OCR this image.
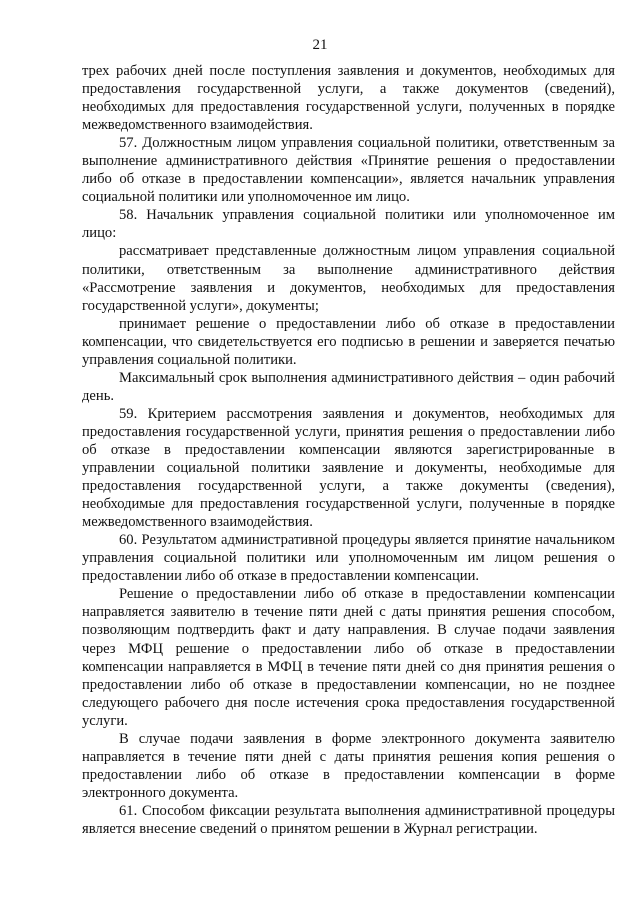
21

трех рабочих дней после поступления заявления и документов, необходимых для предоставления государственной услуги, а также документов (сведений), необходимых для предоставления государственной услуги, полученных в порядке межведомственного взаимодействия.

57. Должностным лицом управления социальной политики, ответственным за выполнение административного действия «Принятие решения о предоставлении либо об отказе в предоставлении компенсации», является начальник управления социальной политики или уполномоченное им лицо.

58. Начальник управления социальной политики или уполномоченное им лицо:

рассматривает представленные должностным лицом управления социальной политики, ответственным за выполнение административного действия «Рассмотрение заявления и документов, необходимых для предоставления государственной услуги», документы;

принимает решение о предоставлении либо об отказе в предоставлении компенсации, что свидетельствуется его подписью в решении и заверяется печатью управления социальной политики.

Максимальный срок выполнения административного действия – один рабочий день.

59. Критерием рассмотрения заявления и документов, необходимых для предоставления государственной услуги, принятия решения о предоставлении либо об отказе в предоставлении компенсации являются зарегистрированные в управлении социальной политики заявление и документы, необходимые для предоставления государственной услуги, а также документы (сведения), необходимые для предоставления государственной услуги, полученные в порядке межведомственного взаимодействия.

60. Результатом административной процедуры является принятие начальником управления социальной политики или уполномоченным им лицом решения о предоставлении либо об отказе в предоставлении компенсации.

Решение о предоставлении либо об отказе в предоставлении компенсации направляется заявителю в течение пяти дней с даты принятия решения способом, позволяющим подтвердить факт и дату направления. В случае подачи заявления через МФЦ решение о предоставлении либо об отказе в предоставлении компенсации направляется в МФЦ в течение пяти дней со дня принятия решения о предоставлении либо об отказе в предоставлении компенсации, но не позднее следующего рабочего дня после истечения срока предоставления государственной услуги.

В случае подачи заявления в форме электронного документа заявителю направляется в течение пяти дней с даты принятия решения копия решения о предоставлении либо об отказе в предоставлении компенсации в форме электронного документа.

61. Способом фиксации результата выполнения административной процедуры является внесение сведений о принятом решении в Журнал регистрации.
